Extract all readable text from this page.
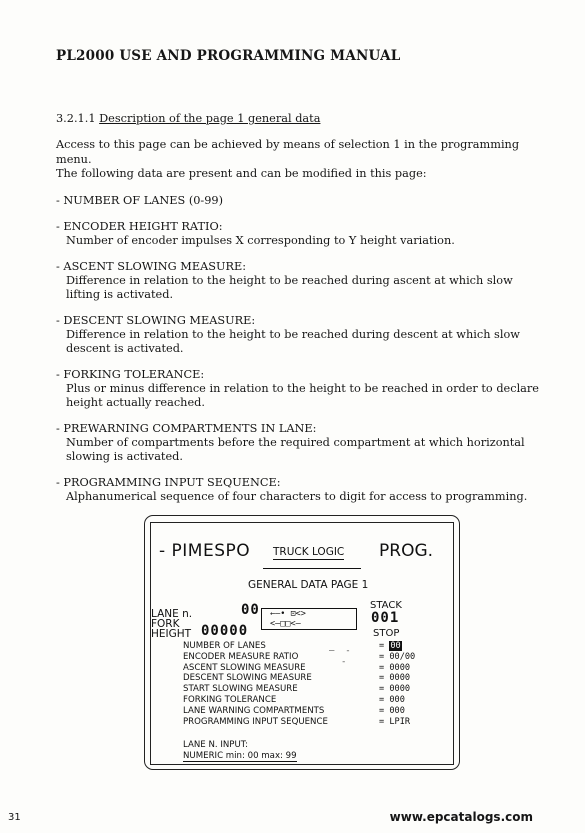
PL2000 USE AND PROGRAMMING MANUAL
3.2.1.1 Description of the page 1 general data
Access to this page can be achieved by means of selection 1 in the programming menu.
The following data are present and can be modified in this page:
- NUMBER OF LANES (0-99)
- ENCODER HEIGHT RATIO:
Number of encoder impulses X corresponding to Y height variation.
- ASCENT SLOWING MEASURE:
Difference in relation to the height to be reached during ascent at which slow lifting is activated.
- DESCENT SLOWING MEASURE:
Difference in relation to the height to be reached during descent at which slow descent is activated.
- FORKING TOLERANCE:
Plus or minus difference in relation to the height to be reached in order to declare height actually reached.
- PREWARNING COMPARTMENTS IN LANE:
Number of compartments before the required compartment at which horizontal slowing is activated.
- PROGRAMMING INPUT SEQUENCE:
Alphanumerical sequence of four characters to digit for access to programming.
- PIMESPO TRUCK LOGIC PROG.
GENERAL DATA PAGE 1
LANE n.	00
FORK
HEIGHT 00000
←—• ⊡<>
<—□□<—
STACK
001
STOP
NUMBER OF LANES
ENCODER MEASURE RATIO
ASCENT SLOWING MEASURE
DESCENT SLOWING MEASURE
START SLOWING MEASURE
FORKING TOLERANCE
LANE WARNING COMPARTMENTS
PROGRAMMING INPUT SEQUENCE
—  -
-
= 00
= 00/00
= 0000
= 0000
= 0000
= 000
= 000
= LPIR
LANE N. INPUT:
NUMERIC min: 00 max: 99
31	www.epcatalogs.com
